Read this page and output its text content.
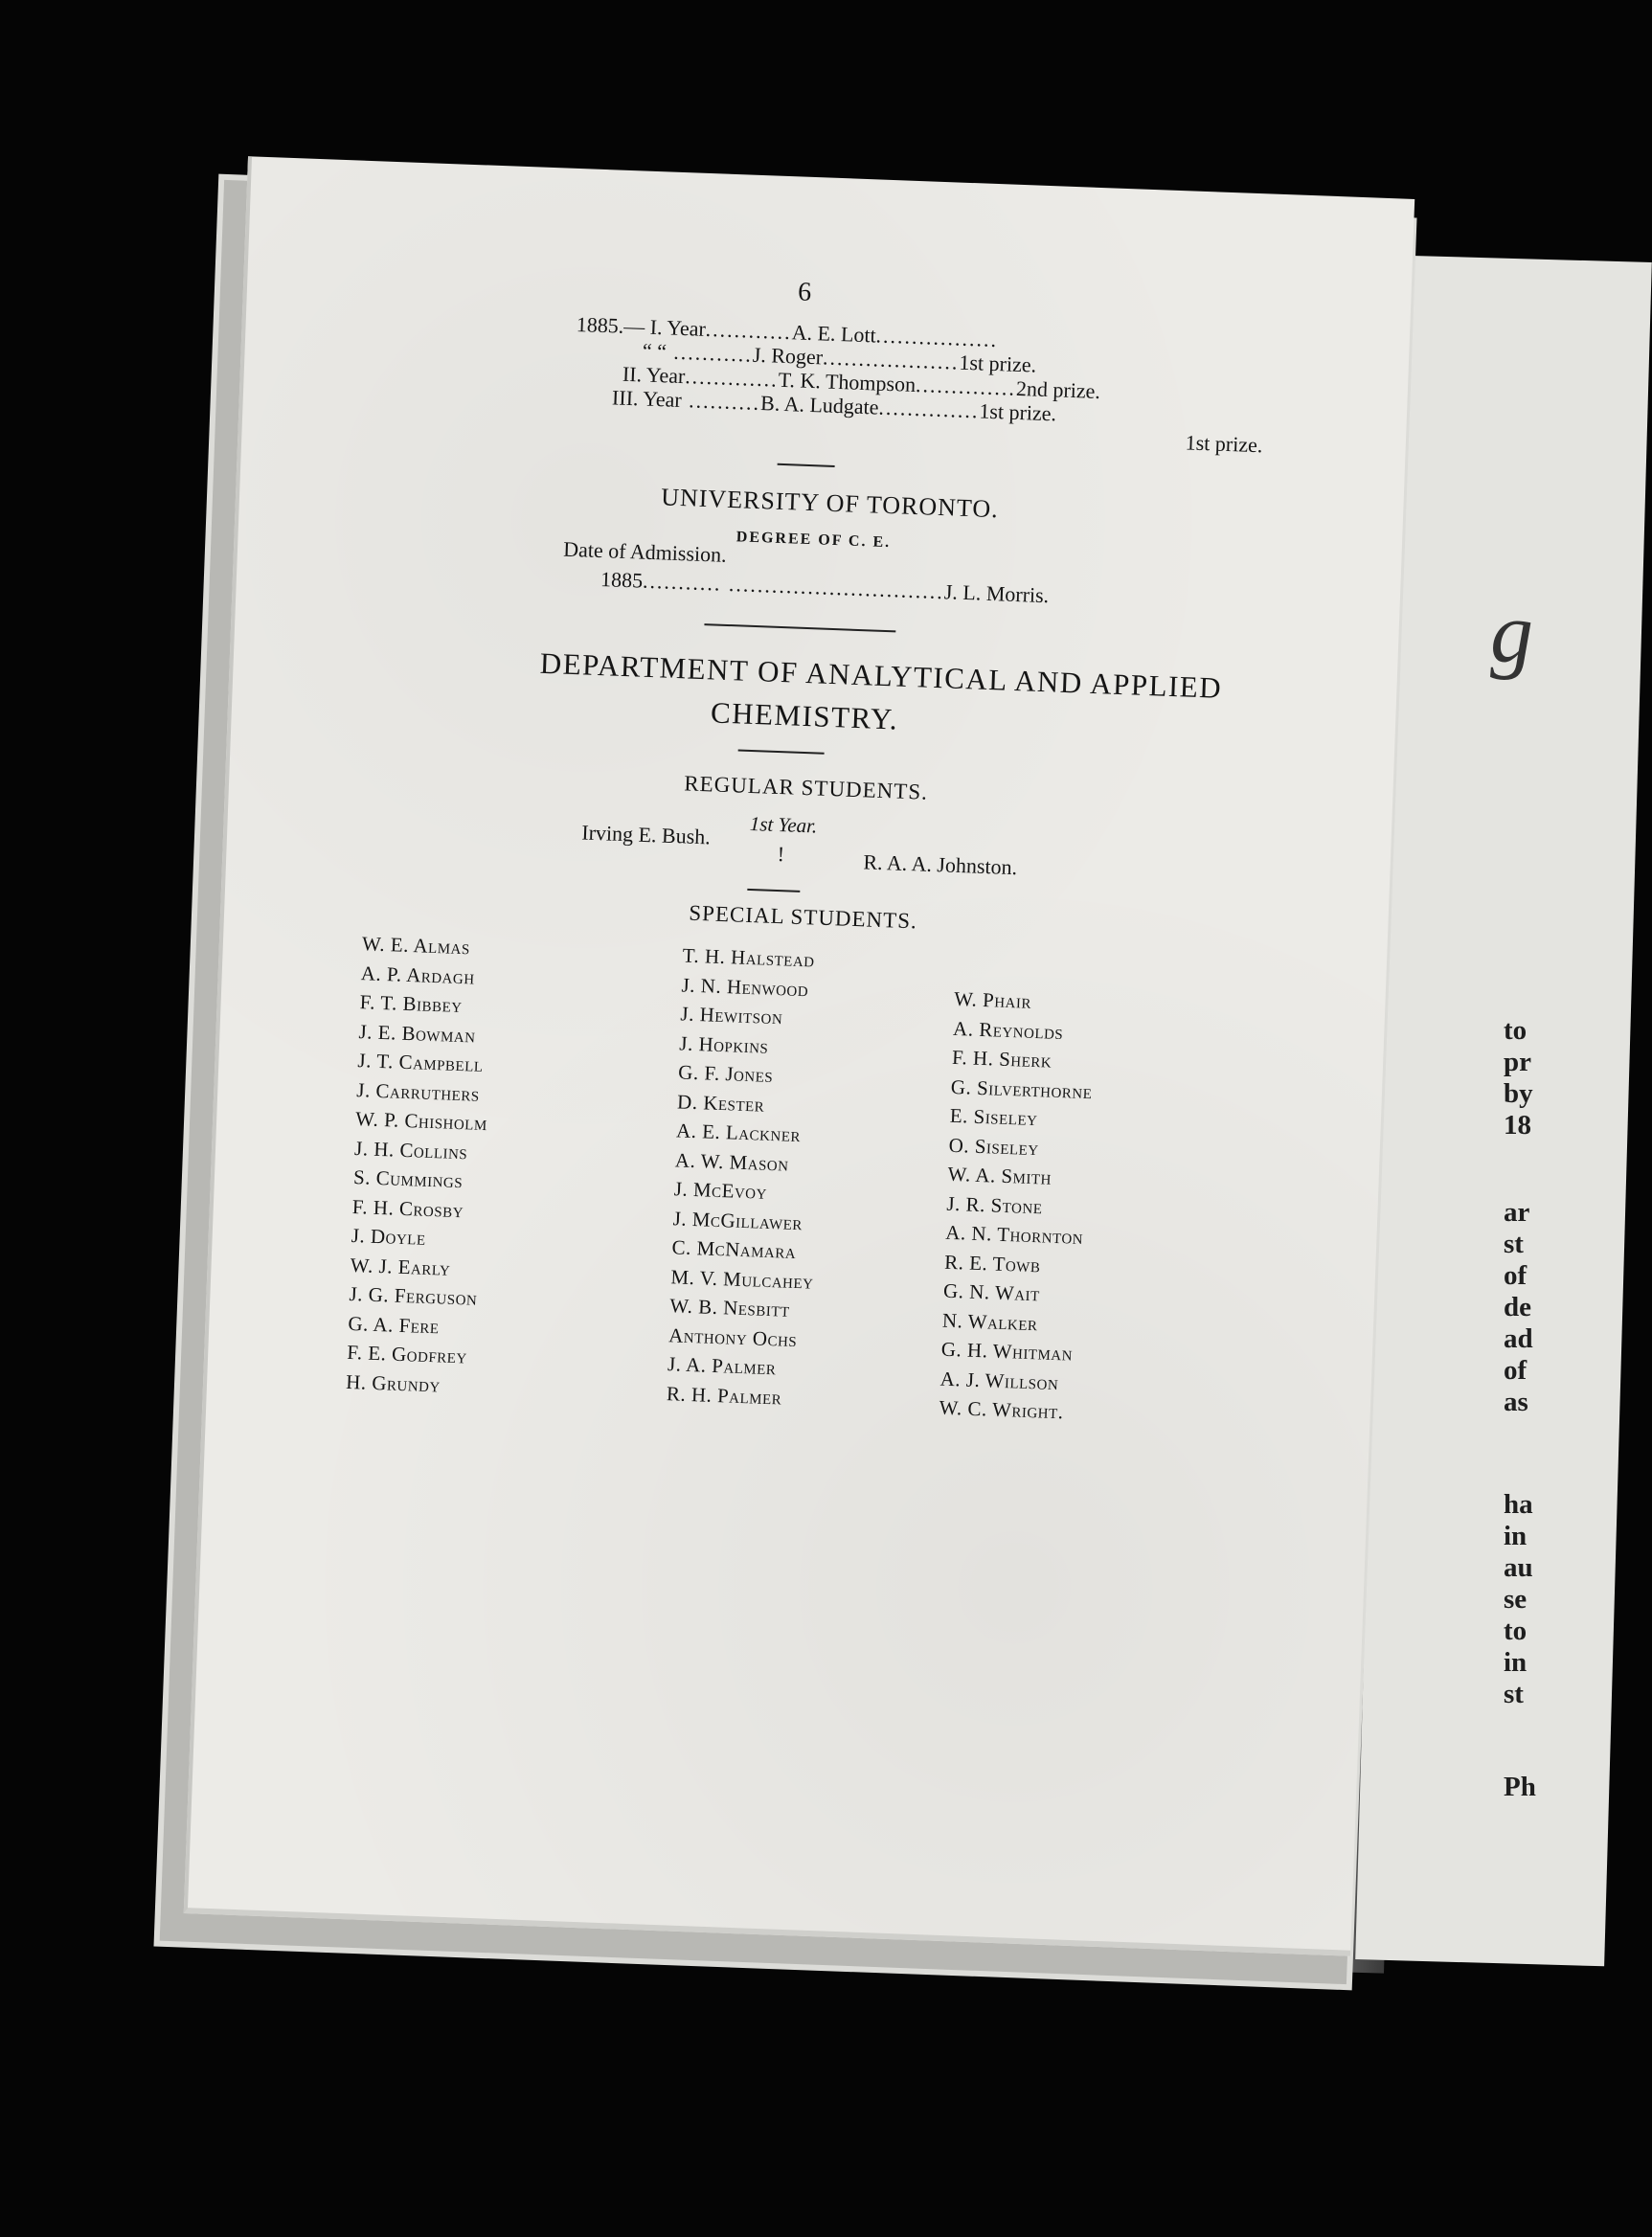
g
to
pr
by
18
ar
st
of
de
ad
of
as
ha
in
au
se
to
in
st
Ph
6
1885.— I. Year............A. E. Lott.................
“ “ ...........J. Roger...................1st prize.
II. Year.............T. K. Thompson..............2nd prize.
III. Year ..........B. A. Ludgate..............1st prize.
1st prize.
UNIVERSITY OF TORONTO.
DEGREE OF C. E.
Date of Admission.
1885........... ..............................J. L. Morris.
DEPARTMENT OF ANALYTICAL AND APPLIED
CHEMISTRY.
REGULAR STUDENTS.
1st Year.
Irving E. Bush.
!	R. A. A. Johnston.
SPECIAL STUDENTS.
W. E. Almas
A. P. Ardagh
F. T. Bibbey
J. E. Bowman
J. T. Campbell
J. Carruthers
W. P. Chisholm
J. H. Collins
S. Cummings
F. H. Crosby
J. Doyle
W. J. Early
J. G. Ferguson
G. A. Fere
F. E. Godfrey
H. Grundy
T. H. Halstead
J. N. Henwood
J. Hewitson
J. Hopkins
G. F. Jones
D. Kester
A. E. Lackner
A. W. Mason
J. McEvoy
J. McGillawer
C. McNamara
M. V. Mulcahey
W. B. Nesbitt
Anthony Ochs
J. A. Palmer
R. H. Palmer
W. Phair
A. Reynolds
F. H. Sherk
G. Silverthorne
E. Siseley
O. Siseley
W. A. Smith
J. R. Stone
A. N. Thornton
R. E. Towb
G. N. Wait
N. Walker
G. H. Whitman
A. J. Willson
W. C. Wright.
